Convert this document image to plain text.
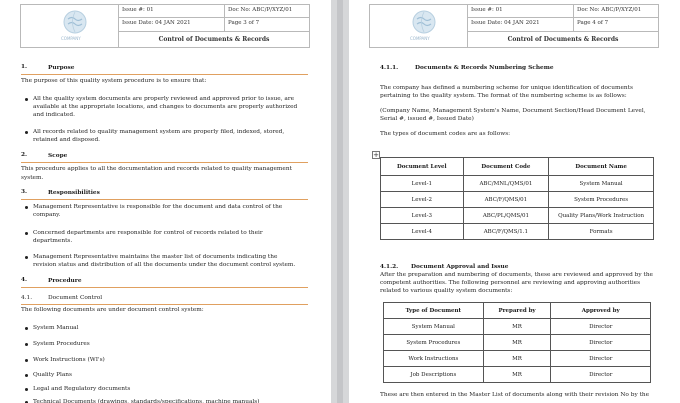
COMPANY
Issue #: 01	Doc No: ABC/P/XYZ/01
Issue Date: 04 JAN 2021	Page 3 of 7
Control of Documents & Records
1.	Purpose
The purpose of this quality system procedure is to ensure that:
All the quality system documents are properly reviewed and approved prior to issue, are
available at the appropriate locations, and changes to documents are properly authorized
and indicated.
All records related to quality management system are properly filed, indexed, stored,
retained and disposed.
2.	Scope
This procedure applies to all the documentation and records related to quality management
system.
3.	Responsibilities
Management Representative is responsible for the document and data control of the
company.
Concerned departments are responsible for control of records related to their
departments.
Management Representative maintains the master list of documents indicating the
revision status and distribution of all the documents under the document control system.
4.	Procedure
4.1.	Document Control
The following documents are under document control system:
System Manual
System Procedures
Work Instructions (WI's)
Quality Plans
Legal and Regulatory documents
Technical Documents (drawings, standards/specifications, machine manuals)
COMPANY
Issue #: 01	Doc No: ABC/P/XYZ/01
Issue Date: 04 JAN 2021	Page 4 of 7
Control of Documents & Records
4.1.1.	Documents & Records Numbering Scheme
The company has defined a numbering scheme for unique identification of documents
pertaining to the quality system. The format of the numbering scheme is as follows:
(Company Name, Management System's Name, Document Section/Head Document Level,
Serial #, issued #, Issued Date)
The types of document codes are as follows:
+
Document Level	Document Code	Document Name
Level-1	ABC/MNL/QMS/01	System Manual
Level-2	ABC/F/QMS/01	System Procedures
Level-3	ABC/PL/QMS/01	Quality Plans/Work Instruction
Level-4	ABC/F/QMS/1.1	Formats
4.1.2. Document Approval and Issue
After the preparation and numbering of documents, these are reviewed and approved by the
competent authorities. The following personnel are reviewing and approving authorities
related to various quality system documents:
Type of Document	Prepared by	Approved by
System Manual	MR	Director
System Procedures	MR	Director
Work Instructions	MR	Director
Job Descriptions	MR	Director
These are then entered in the Master List of documents along with their revision No by the
